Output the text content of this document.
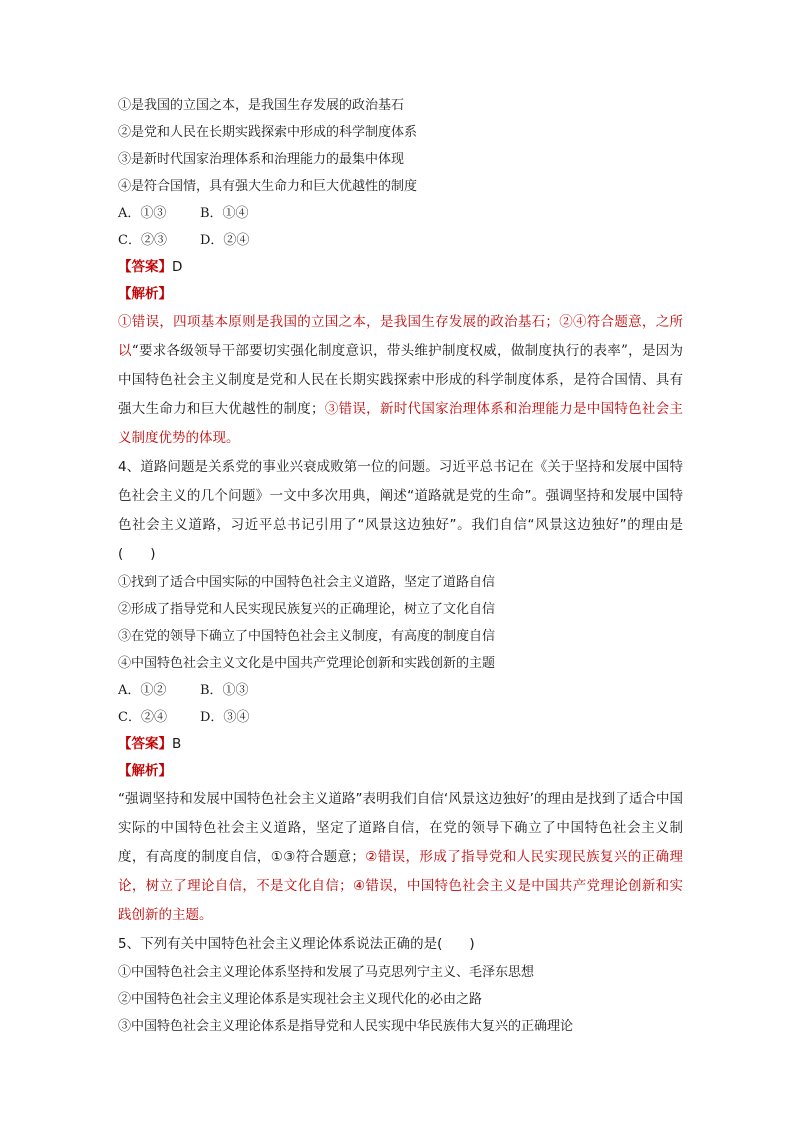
①是我国的立国之本，是我国生存发展的政治基石
②是党和人民在长期实践探索中形成的科学制度体系
③是新时代国家治理体系和治理能力的最集中体现
④是符合国情，具有强大生命力和巨大优越性的制度
A．①③	B．①④
C．②③	D．②④
【答案】D
【解析】
①错误，四项基本原则是我国的立国之本，是我国生存发展的政治基石；②④符合题意，之所以“要求各级领导干部要切实强化制度意识，带头维护制度权威，做制度执行的表率”，是因为中国特色社会主义制度是党和人民在长期实践探索中形成的科学制度体系，是符合国情、具有强大生命力和巨大优越性的制度；③错误，新时代国家治理体系和治理能力是中国特色社会主义制度优势的体现。
4、道路问题是关系党的事业兴衰成败第一位的问题。习近平总书记在《关于坚持和发展中国特色社会主义的几个问题》一文中多次用典，阐述“道路就是党的生命”。强调坚持和发展中国特色社会主义道路，习近平总书记引用了“风景这边独好”。我们自信“风景这边独好”的理由是(　　)
①找到了适合中国实际的中国特色社会主义道路，坚定了道路自信
②形成了指导党和人民实现民族复兴的正确理论，树立了文化自信
③在党的领导下确立了中国特色社会主义制度，有高度的制度自信
④中国特色社会主义文化是中国共产党理论创新和实践创新的主题
A．①②	B．①③
C．②④	D．③④
【答案】B
【解析】
“强调坚持和发展中国特色社会主义道路”表明我们自信‘风景这边独好’的理由是找到了适合中国实际的中国特色社会主义道路，坚定了道路自信，在党的领导下确立了中国特色社会主义制度，有高度的制度自信，①③符合题意；②错误，形成了指导党和人民实现民族复兴的正确理论，树立了理论自信，不是文化自信；④错误，中国特色社会主义是中国共产党理论创新和实践创新的主题。
5、下列有关中国特色社会主义理论体系说法正确的是(　　)
①中国特色社会主义理论体系坚持和发展了马克思列宁主义、毛泽东思想
②中国特色社会主义理论体系是实现社会主义现代化的必由之路
③中国特色社会主义理论体系是指导党和人民实现中华民族伟大复兴的正确理论
